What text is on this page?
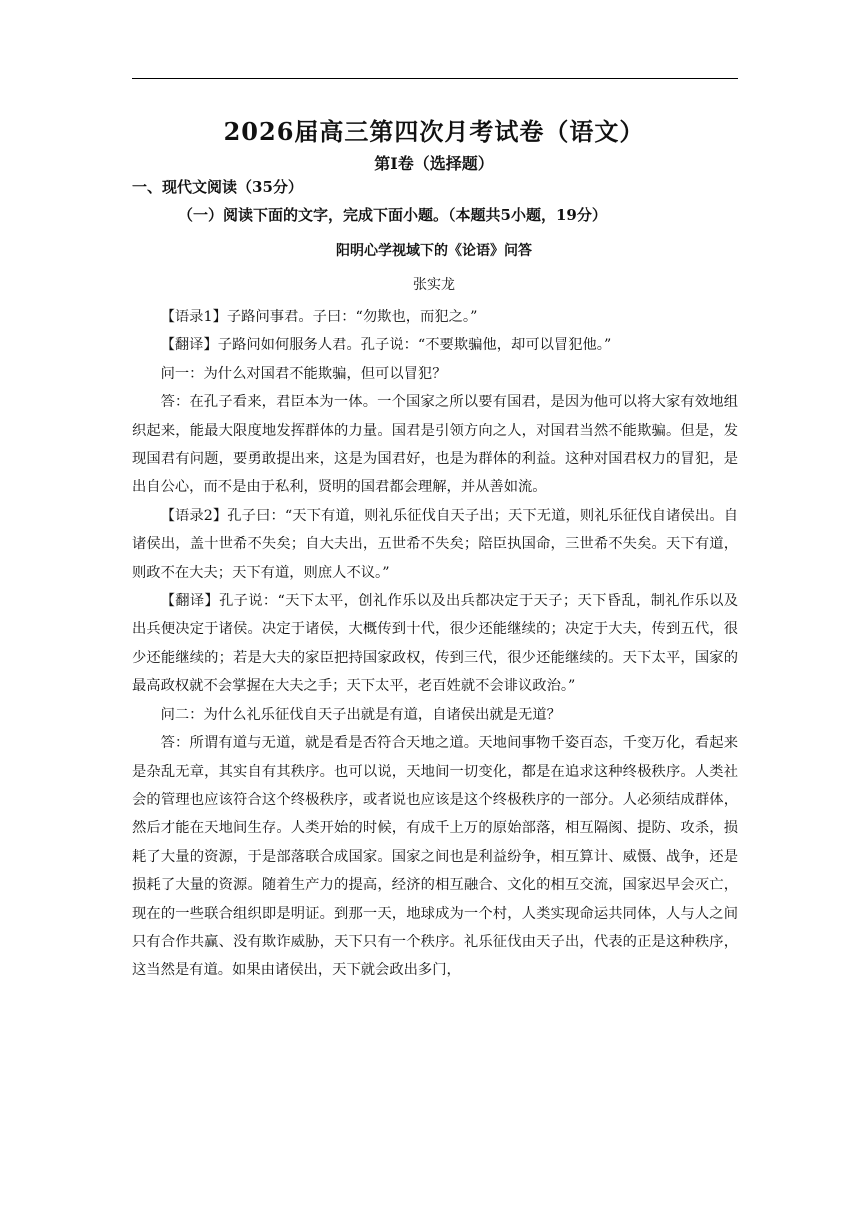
2026届高三第四次月考试卷（语文）
第Ⅰ卷（选择题）
一、现代文阅读（35分）
（一）阅读下面的文字，完成下面小题。（本题共5小题，19分）
阳明心学视域下的《论语》问答
张实龙

【语录1】子路问事君。子曰：“勿欺也，而犯之。”

【翻译】子路问如何服务人君。孔子说：“不要欺骗他，却可以冒犯他。”

问一：为什么对国君不能欺骗，但可以冒犯？

答：在孔子看来，君臣本为一体。一个国家之所以要有国君，是因为他可以将大家有效地组织起来，能最大限度地发挥群体的力量。国君是引领方向之人，对国君当然不能欺骗。但是，发现国君有问题，要勇敢提出来，这是为国君好，也是为群体的利益。这种对国君权力的冒犯，是出自公心，而不是由于私利，贤明的国君都会理解，并从善如流。

【语录2】孔子曰：“天下有道，则礼乐征伐自天子出；天下无道，则礼乐征伐自诸侯出。自诸侯出，盖十世希不失矣；自大夫出，五世希不失矣；陪臣执国命，三世希不失矣。天下有道，则政不在大夫；天下有道，则庶人不议。”

【翻译】孔子说：“天下太平，创礼作乐以及出兵都决定于天子；天下昏乱，制礼作乐以及出兵便决定于诸侯。决定于诸侯，大概传到十代，很少还能继续的；决定于大夫，传到五代，很少还能继续的；若是大夫的家臣把持国家政权，传到三代，很少还能继续的。天下太平，国家的最高政权就不会掌握在大夫之手；天下太平，老百姓就不会诽议政治。”

问二：为什么礼乐征伐自天子出就是有道，自诸侯出就是无道？

答：所谓有道与无道，就是看是否符合天地之道。天地间事物千姿百态，千变万化，看起来是杂乱无章，其实自有其秩序。也可以说，天地间一切变化，都是在追求这种终极秩序。人类社会的管理也应该符合这个终极秩序，或者说也应该是这个终极秩序的一部分。人必须结成群体，然后才能在天地间生存。人类开始的时候，有成千上万的原始部落，相互隔阂、提防、攻杀，损耗了大量的资源，于是部落联合成国家。国家之间也是利益纷争，相互算计、威慑、战争，还是损耗了大量的资源。随着生产力的提高，经济的相互融合、文化的相互交流，国家迟早会灭亡，现在的一些联合组织即是明证。到那一天，地球成为一个村，人类实现命运共同体，人与人之间只有合作共赢、没有欺诈威胁，天下只有一个秩序。礼乐征伐由天子出，代表的正是这种秩序，这当然是有道。如果由诸侯出，天下就会政出多门，
